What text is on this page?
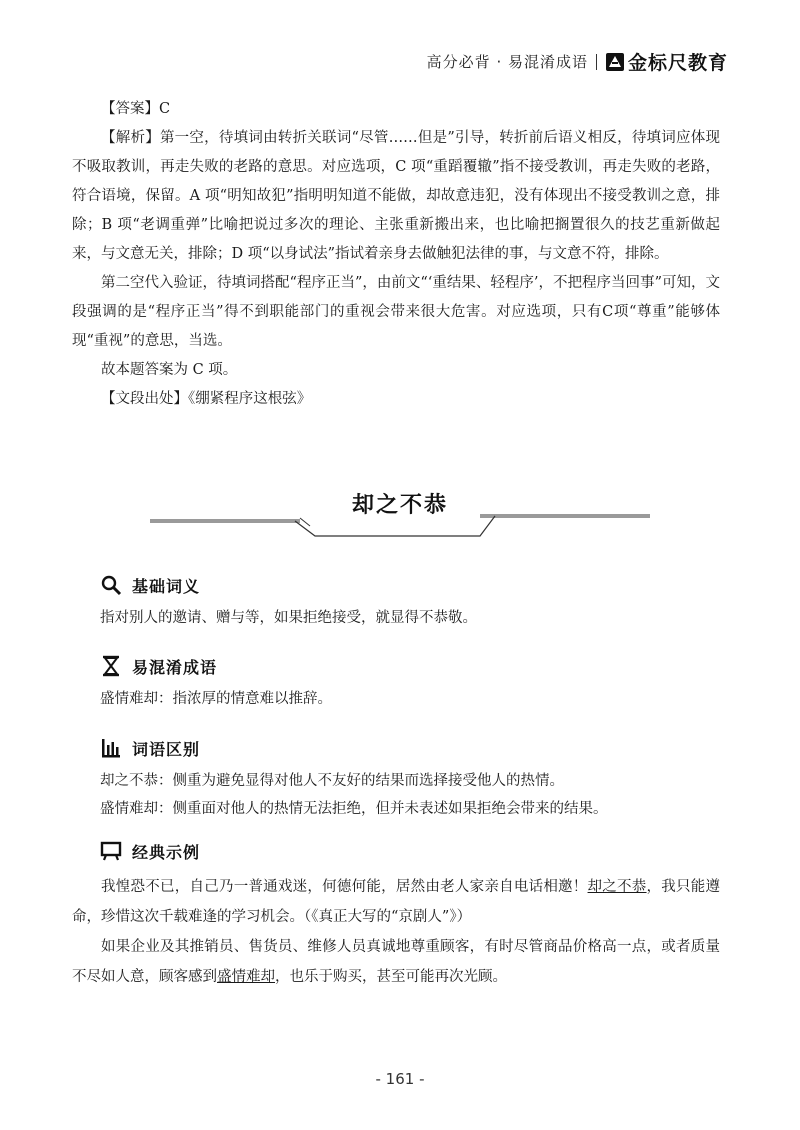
高分必背 · 易混淆成语 金标尺教育

【答案】C

【解析】第一空，待填词由转折关联词“尽管……但是”引导，转折前后语义相反，待填词应体现不吸取教训，再走失败的老路的意思。对应选项，C 项“重蹈覆辙”指不接受教训，再走失败的老路，符合语境，保留。A 项“明知故犯”指明明知道不能做，却故意违犯，没有体现出不接受教训之意，排除；B 项“老调重弹”比喻把说过多次的理论、主张重新搬出来，也比喻把搁置很久的技艺重新做起来，与文意无关，排除；D 项“以身试法”指试着亲身去做触犯法律的事，与文意不符，排除。

第二空代入验证，待填词搭配“程序正当”，由前文“‘重结果、轻程序’，不把程序当回事”可知，文段强调的是“程序正当”得不到职能部门的重视会带来很大危害。对应选项，只有C项“尊重”能够体现“重视”的意思，当选。

故本题答案为 C 项。

【文段出处】《绷紧程序这根弦》

却之不恭
基础词义

指对别人的邀请、赠与等，如果拒绝接受，就显得不恭敬。

易混淆成语

盛情难却：指浓厚的情意难以推辞。

词语区别

却之不恭：侧重为避免显得对他人不友好的结果而选择接受他人的热情。

盛情难却：侧重面对他人的热情无法拒绝，但并未表述如果拒绝会带来的结果。

经典示例

我惶恐不已，自己乃一普通戏迷，何德何能，居然由老人家亲自电话相邀！却之不恭，我只能遵命，珍惜这次千载难逢的学习机会。（《真正大写的“京剧人”》）

如果企业及其推销员、售货员、维修人员真诚地尊重顾客，有时尽管商品价格高一点，或者质量不尽如人意，顾客感到盛情难却，也乐于购买，甚至可能再次光顾。

- 161 -
